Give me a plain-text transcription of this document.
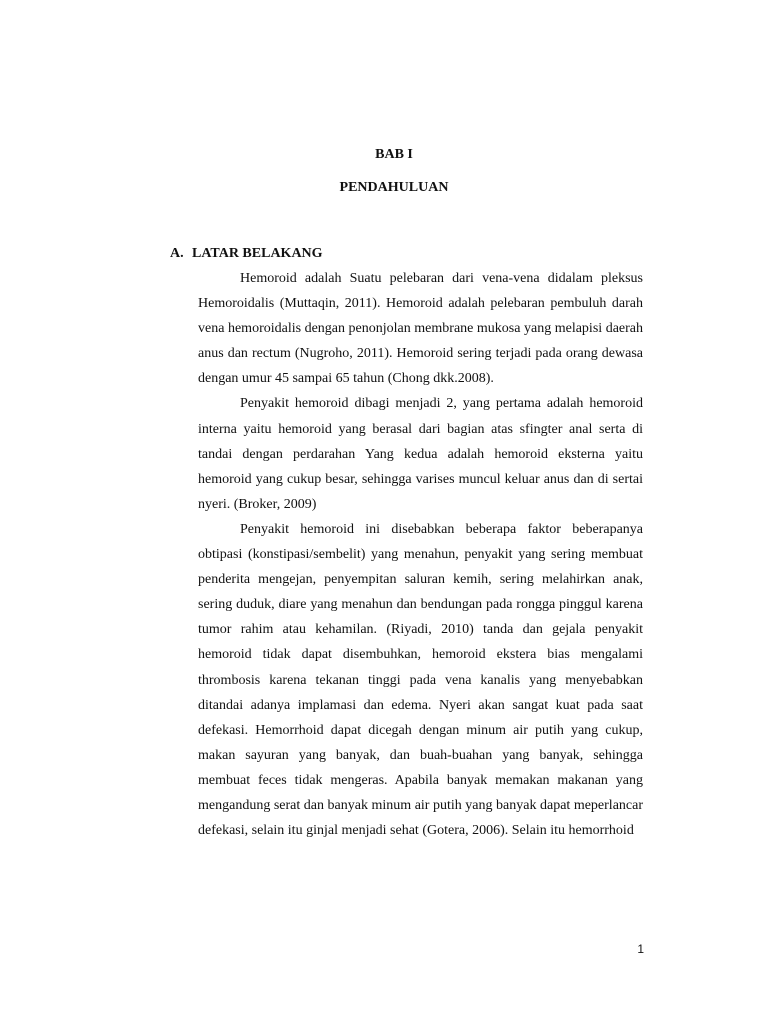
BAB I
PENDAHULUAN
A. LATAR BELAKANG

Hemoroid adalah Suatu pelebaran dari vena-vena didalam pleksus Hemoroidalis (Muttaqin, 2011). Hemoroid adalah pelebaran pembuluh darah vena hemoroidalis dengan penonjolan membrane mukosa yang melapisi daerah anus dan rectum (Nugroho, 2011). Hemoroid sering terjadi pada orang dewasa dengan umur 45 sampai 65 tahun (Chong dkk.2008).

Penyakit hemoroid dibagi menjadi 2, yang pertama adalah hemoroid interna yaitu hemoroid yang berasal dari bagian atas sfingter anal serta di tandai dengan perdarahan Yang kedua adalah hemoroid eksterna yaitu hemoroid yang cukup besar, sehingga varises muncul keluar anus dan di sertai nyeri. (Broker, 2009)

Penyakit hemoroid ini disebabkan beberapa faktor beberapanya obtipasi (konstipasi/sembelit) yang menahun, penyakit yang sering membuat penderita mengejan, penyempitan saluran kemih, sering melahirkan anak, sering duduk, diare yang menahun dan bendungan pada rongga pinggul karena tumor rahim atau kehamilan. (Riyadi, 2010) tanda dan gejala penyakit hemoroid tidak dapat disembuhkan, hemoroid ekstera bias mengalami thrombosis karena tekanan tinggi pada vena kanalis yang menyebabkan ditandai adanya implamasi dan edema. Nyeri akan sangat kuat pada saat defekasi. Hemorrhoid dapat dicegah dengan minum air putih yang cukup, makan sayuran yang banyak, dan buah-buahan yang banyak, sehingga membuat feces tidak mengeras. Apabila banyak memakan makanan yang mengandung serat dan banyak minum air putih yang banyak dapat meperlancar defekasi, selain itu ginjal menjadi sehat (Gotera, 2006). Selain itu hemorrhoid

1
